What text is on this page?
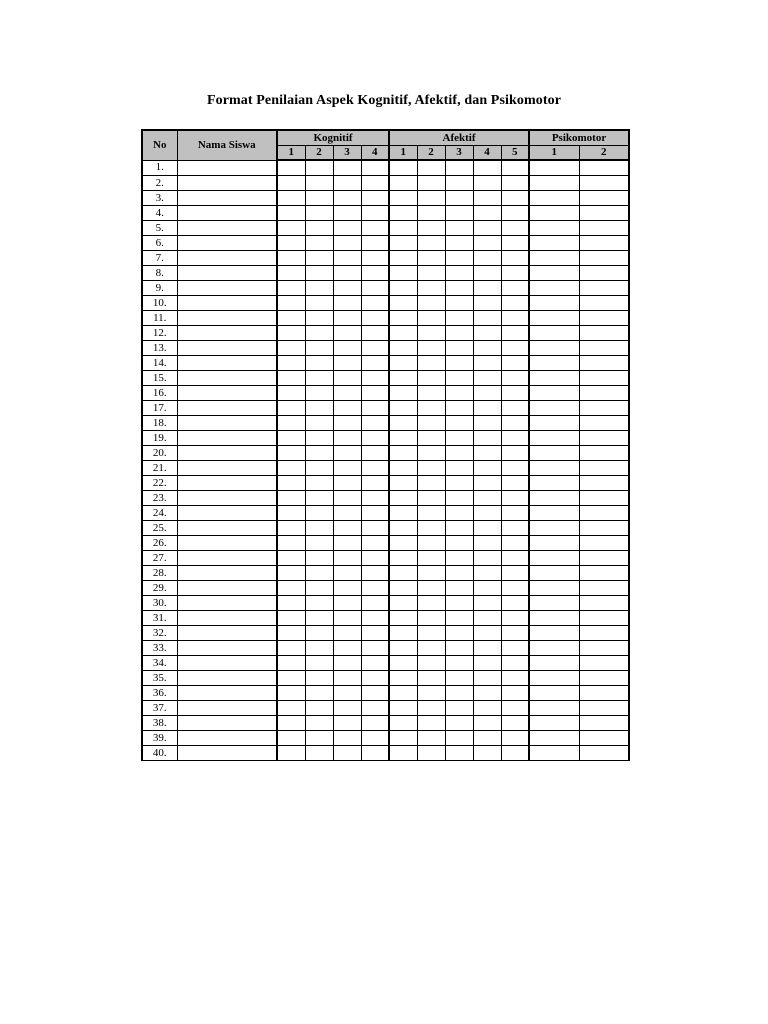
Format Penilaian Aspek Kognitif, Afektif, dan Psikomotor
No	Nama Siswa	Kognitif				Afektif					Psikomotor	
		1	2	3	4	1	2	3	4	5	1	2
1.												
2.												
3.												
4.												
5.												
6.												
7.												
8.												
9.												
10.												
11.												
12.												
13.												
14.												
15.												
16.												
17.												
18.												
19.												
20.												
21.												
22.												
23.												
24.												
25.												
26.												
27.												
28.												
29.												
30.												
31.												
32.												
33.												
34.												
35.												
36.												
37.												
38.												
39.												
40.												
